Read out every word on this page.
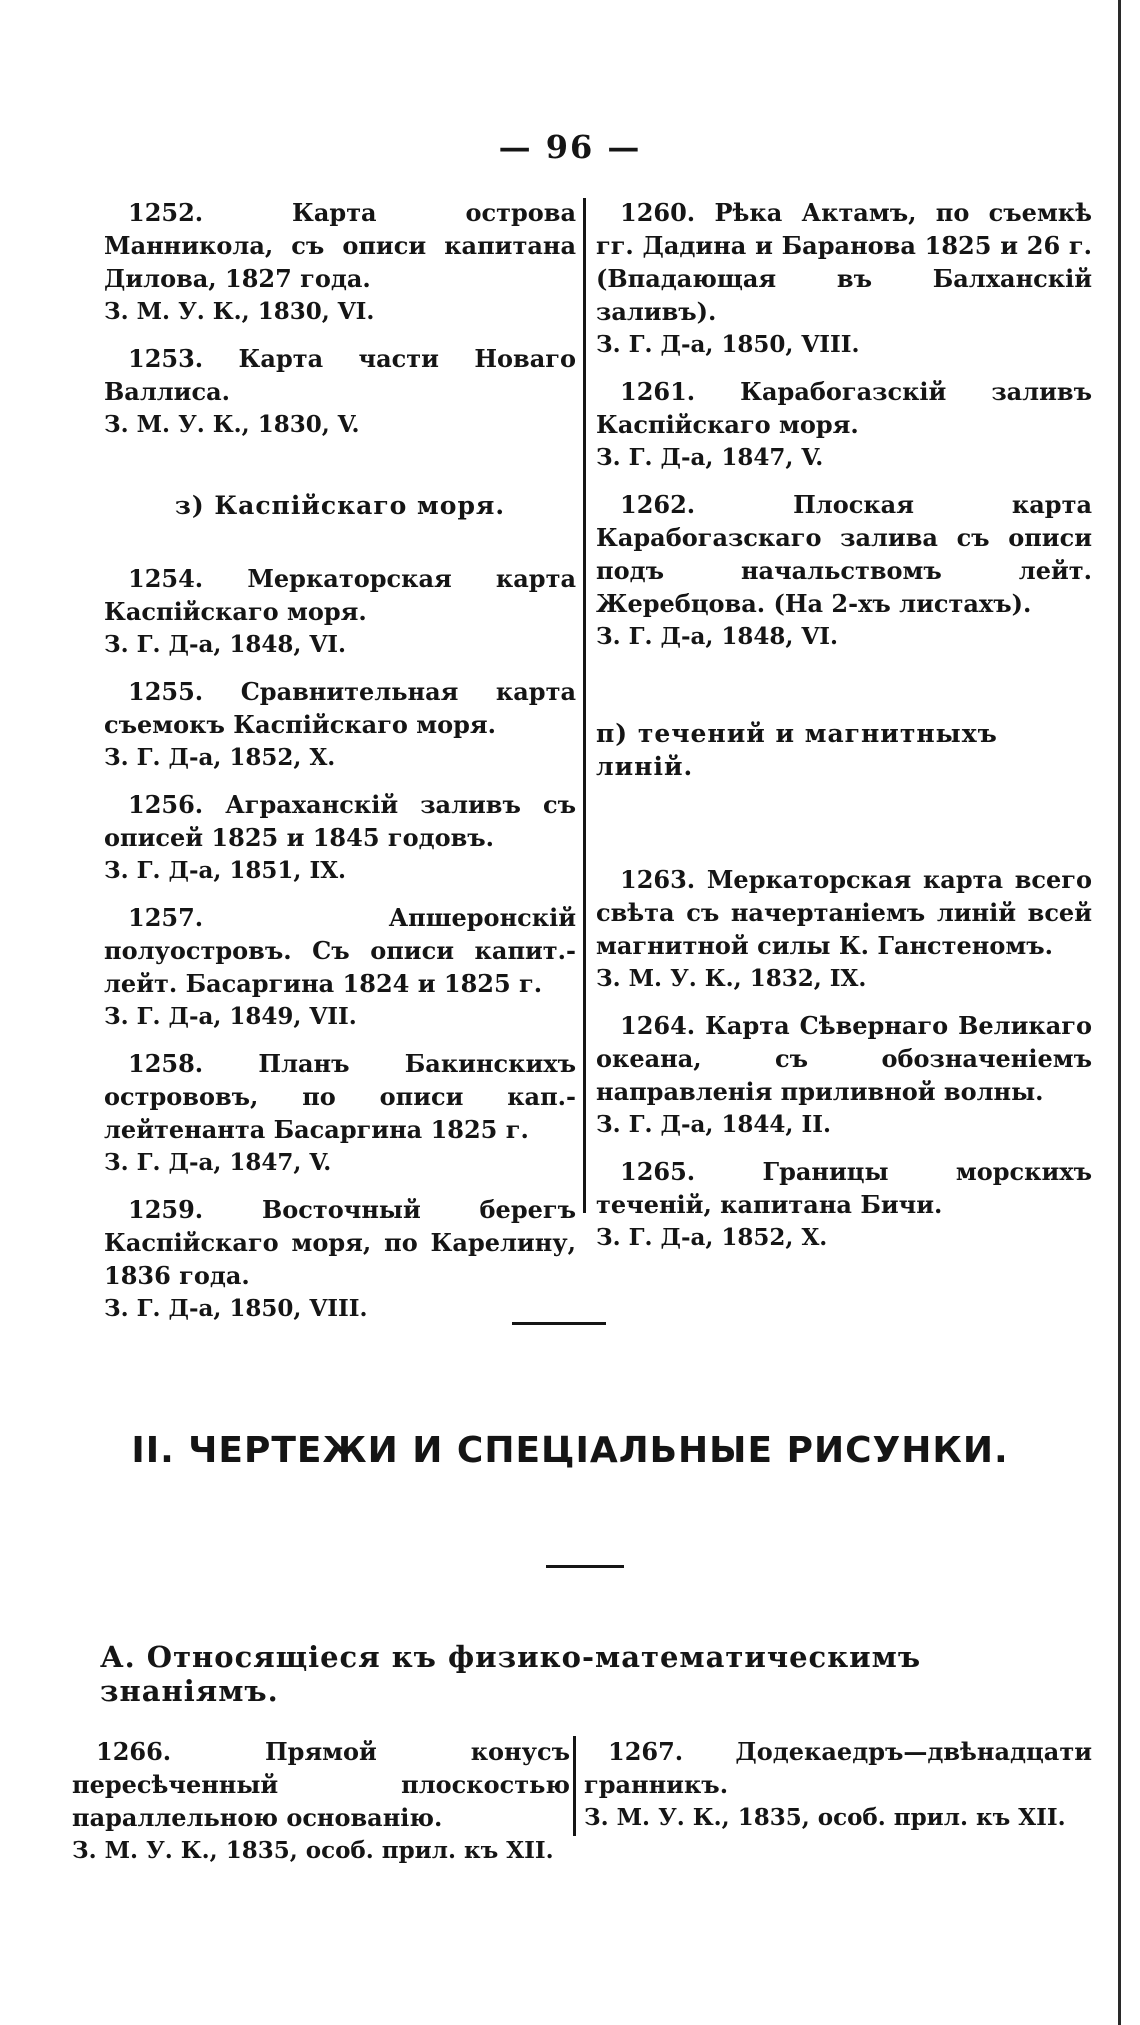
— 96 —
1252. Карта острова Манникола, съ описи капитана Дилова, 1827 года.
З. М. У. К., 1830, VI.
1253. Карта части Новаго Валлиса.
З. М. У. К., 1830, V.
з) Каспійскаго моря.
1254. Меркаторская карта Каспійскаго моря.
З. Г. Д-а, 1848, VI.
1255. Сравнительная карта съемокъ Каспійскаго моря.
З. Г. Д-а, 1852, X.
1256. Аграханскій заливъ съ описей 1825 и 1845 годовъ.
З. Г. Д-а, 1851, IX.
1257. Апшеронскій полуостровъ. Съ описи капит.-лейт. Басаргина 1824 и 1825 г.
З. Г. Д-а, 1849, VII.
1258. Планъ Бакинскихъ острововъ, по описи кап.-лейтенанта Басаргина 1825 г.
З. Г. Д-а, 1847, V.
1259. Восточный берегъ Каспійскаго моря, по Карелину, 1836 года.
З. Г. Д-а, 1850, VIII.
1260. Рѣка Актамъ, по съемкѣ гг. Дадина и Баранова 1825 и 26 г. (Впадающая въ Балханскій заливъ).
З. Г. Д-а, 1850, VIII.
1261. Карабогазскій заливъ Каспійскаго моря.
З. Г. Д-а, 1847, V.
1262. Плоская карта Карабогазскаго залива съ описи подъ начальствомъ лейт. Жеребцова. (На 2-хъ листахъ).
З. Г. Д-а, 1848, VI.
п) течений и магнитныхъ линій.
1263. Меркаторская карта всего свѣта съ начертаніемъ линій всей магнитной силы К. Ганстеномъ.
З. М. У. К., 1832, IX.
1264. Карта Сѣвернаго Великаго океана, съ обозначеніемъ направленія приливной волны.
З. Г. Д-а, 1844, II.
1265. Границы морскихъ теченій, капитана Бичи.
З. Г. Д-а, 1852, X.
II. ЧЕРТЕЖИ И СПЕЦІАЛЬНЫЕ РИСУНКИ.
А. Относящіеся къ физико-математическимъ знаніямъ.
1266. Прямой конусъ пересѣченный плоскостью параллельною основанію.
З. М. У. К., 1835, особ. прил. къ XII.
1267. Додекаедръ—двѣнадцати гранникъ.
З. М. У. К., 1835, особ. прил. къ XII.
